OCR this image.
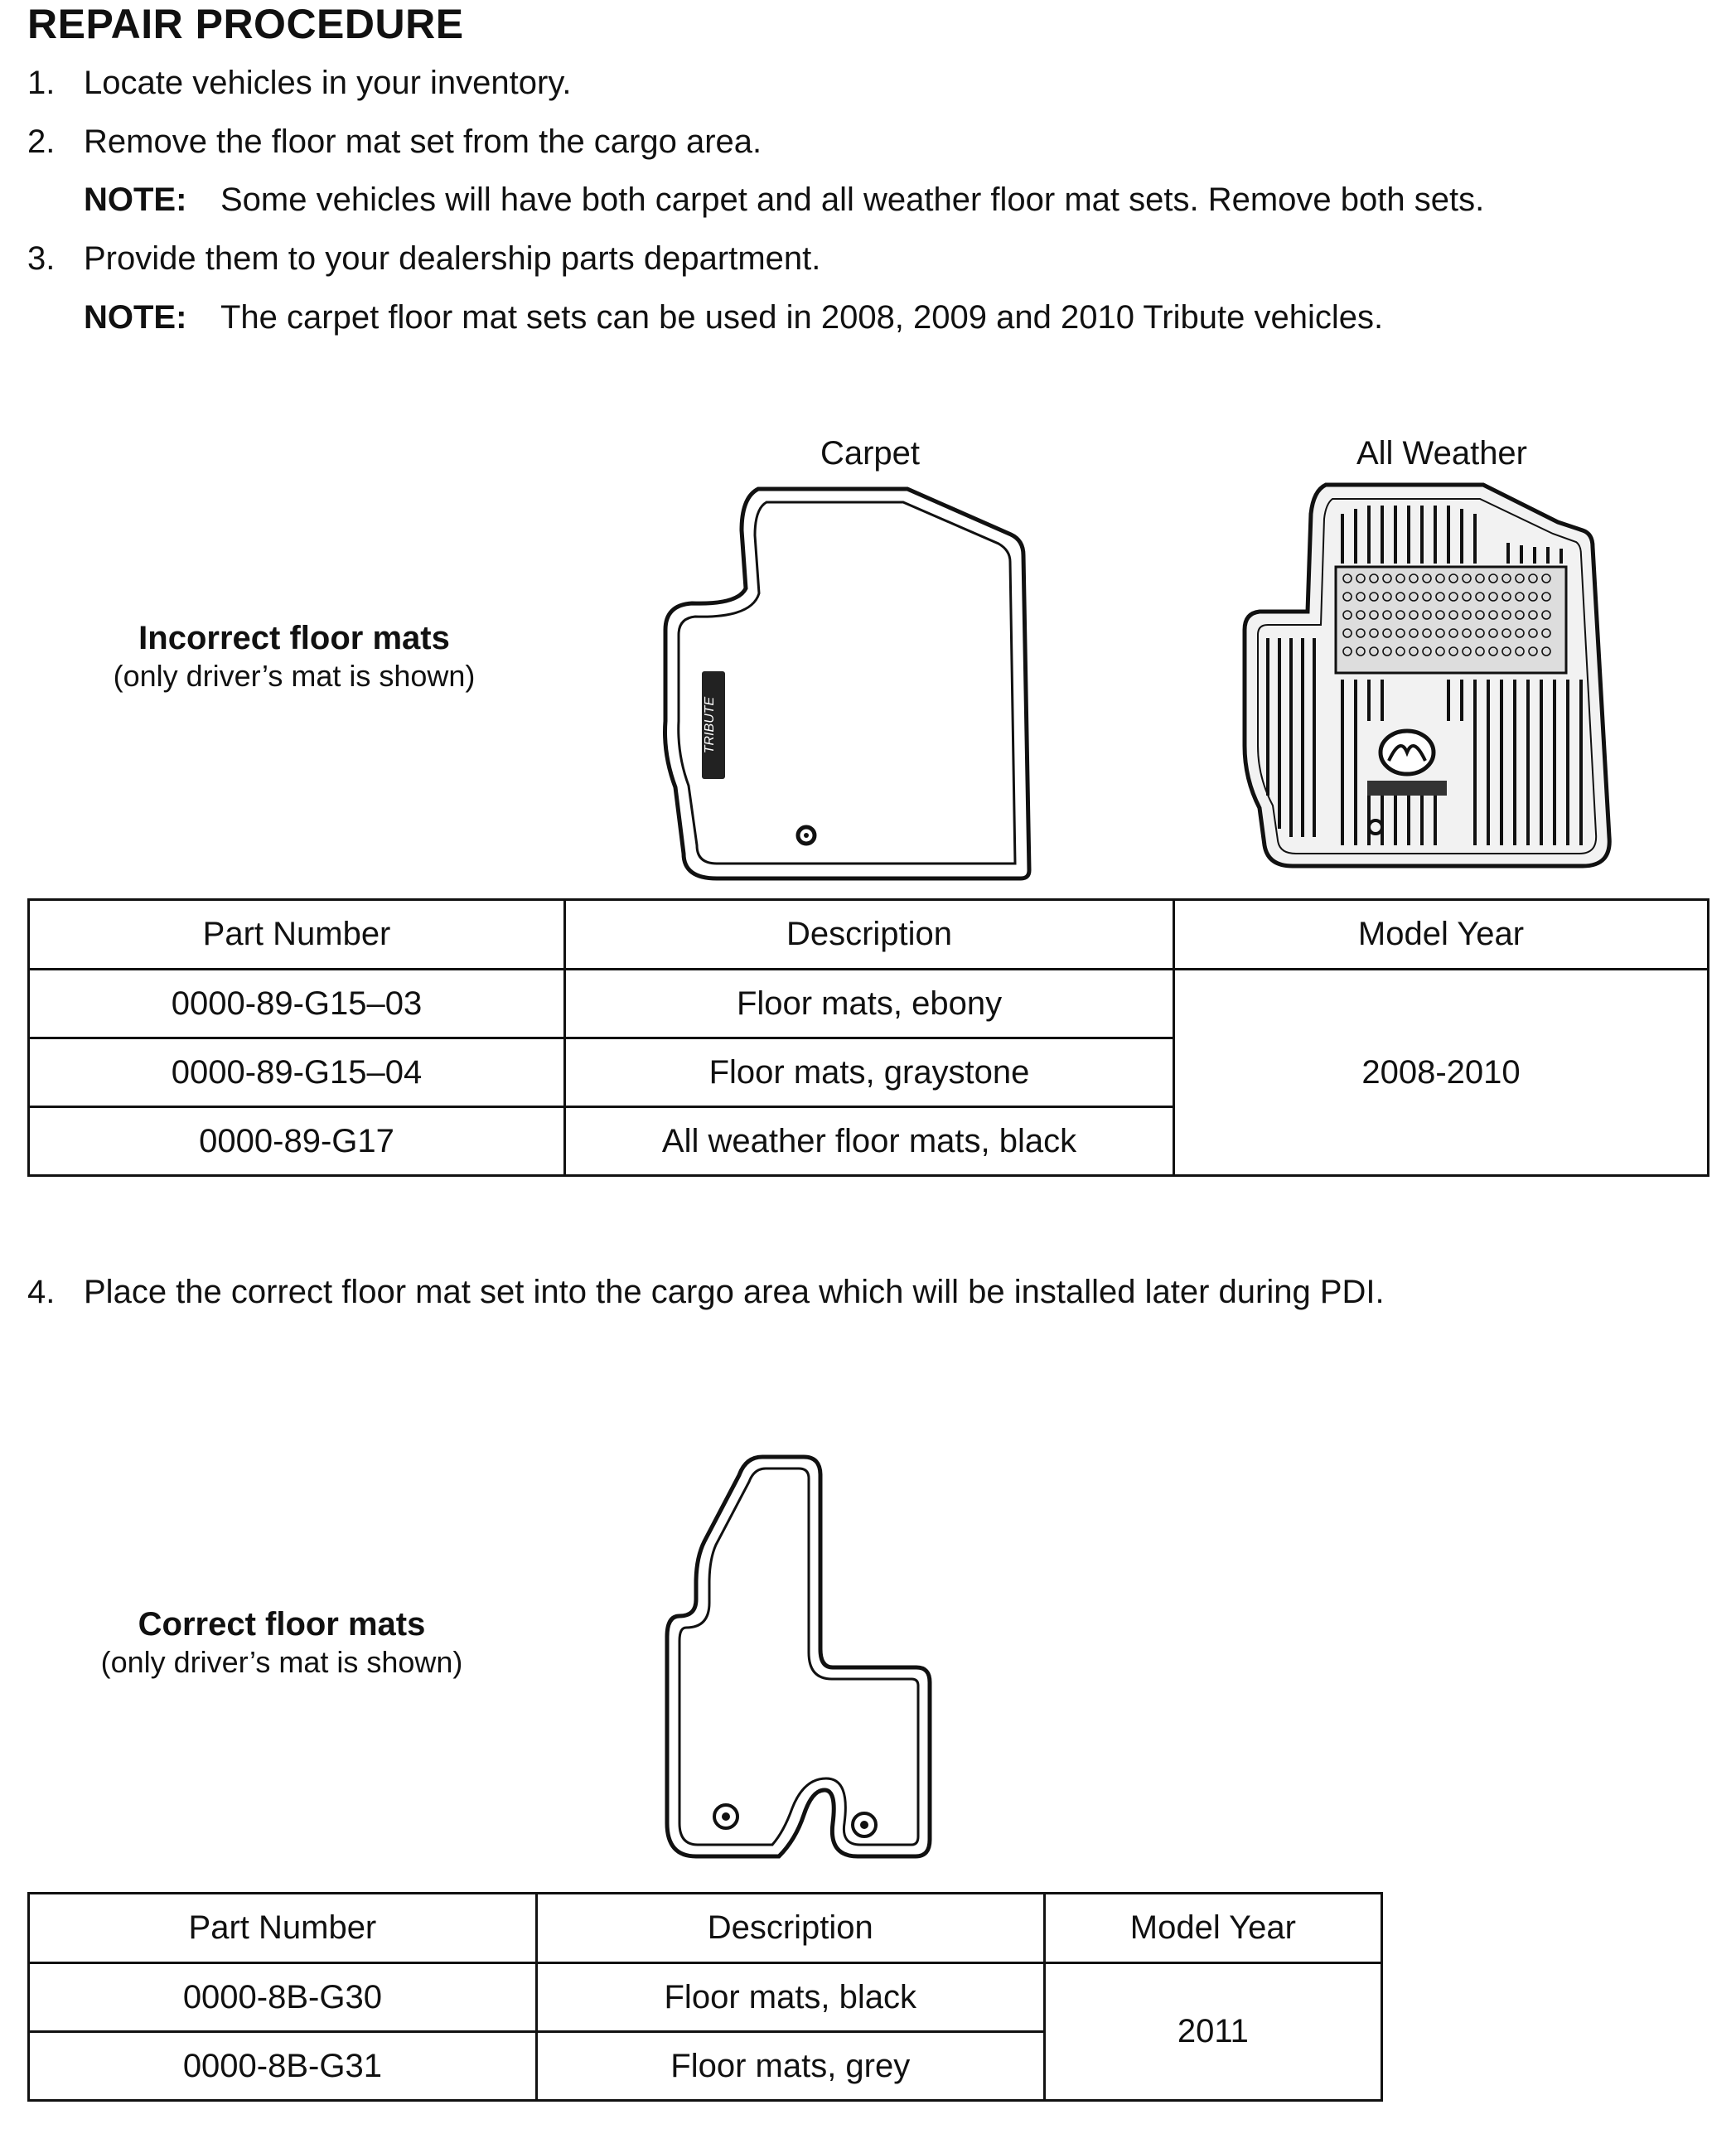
REPAIR PROCEDURE
1. Locate vehicles in your inventory.
2. Remove the floor mat set from the cargo area.
NOTE: Some vehicles will have both carpet and all weather floor mat sets. Remove both sets.
3. Provide them to your dealership parts department.
NOTE: The carpet floor mat sets can be used in 2008, 2009 and 2010 Tribute vehicles.
Carpet	All Weather
Incorrect floor mats
(only driver’s mat is shown)
TRIBUTE
Part Number	Description	Model Year
0000-89-G15–03	Floor mats, ebony	2008-2010
0000-89-G15–04	Floor mats, graystone	
0000-89-G17	All weather floor mats, black	
4. Place the correct floor mat set into the cargo area which will be installed later during PDI.
Correct floor mats
(only driver’s mat is shown)
Part Number	Description	Model Year
0000-8B-G30	Floor mats, black	2011
0000-8B-G31	Floor mats, grey	
